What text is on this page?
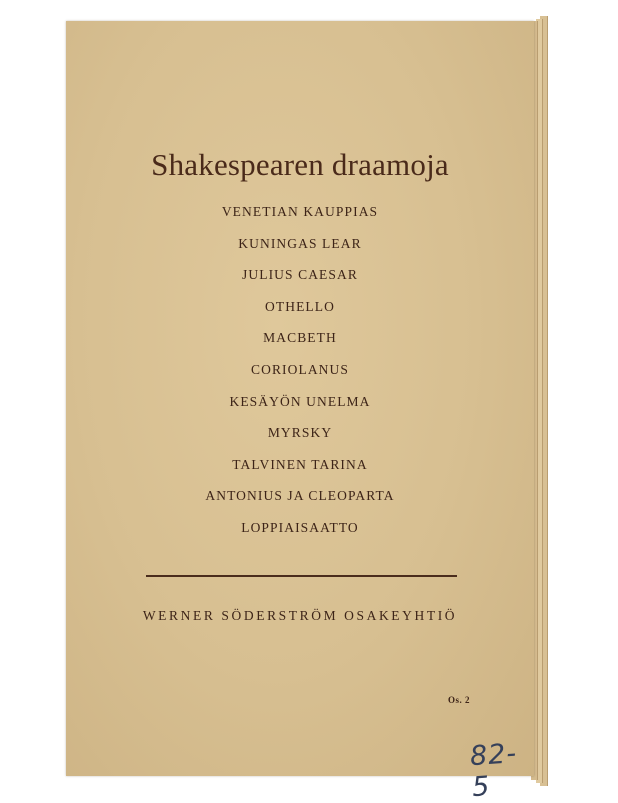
Shakespearen draamoja
VENETIAN KAUPPIAS
KUNINGAS LEAR
JULIUS CAESAR
OTHELLO
MACBETH
CORIOLANUS
KESÄYÖN UNELMA
MYRSKY
TALVINEN TARINA
ANTONIUS JA CLEOPARTA
LOPPIAISAATTO
WERNER SÖDERSTRÖM OSAKEYHTIÖ
Os. 2
82-5
